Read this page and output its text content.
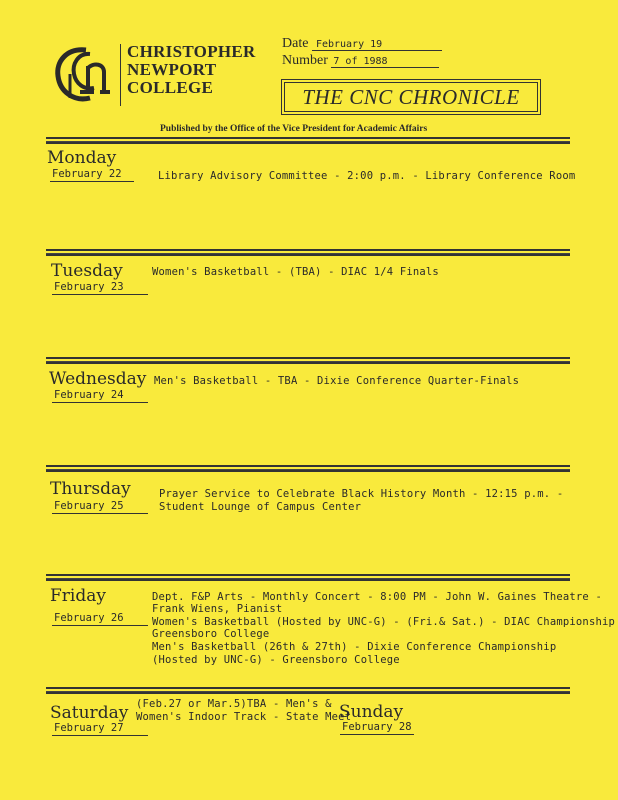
CHRISTOPHER
NEWPORT
COLLEGE
Date February 19
Number 7 of 1988
THE CNC CHRONICLE
Published by the Office of the Vice President for Academic Affairs
Monday
February 22	Library Advisory Committee - 2:00 p.m. - Library Conference Room
Tuesday
February 23
Women's Basketball - (TBA) - DIAC 1/4 Finals
Wednesday
February 24
Men's Basketball - TBA - Dixie Conference Quarter-Finals
Thursday
February 25
Prayer Service to Celebrate Black History Month - 12:15 p.m. -
Student Lounge of Campus Center
Friday
February 26
Dept. F&P Arts - Monthly Concert - 8:00 PM - John W. Gaines Theatre -
Frank Wiens, Pianist
Women's Basketball (Hosted by UNC-G) - (Fri.& Sat.) - DIAC Championship
Greensboro College
Men's Basketball (26th & 27th) - Dixie Conference Championship
(Hosted by UNC-G) - Greensboro College
Saturday
February 27
(Feb.27 or Mar.5)TBA - Men's &
Women's Indoor Track - State Meet
Sunday
February 28
